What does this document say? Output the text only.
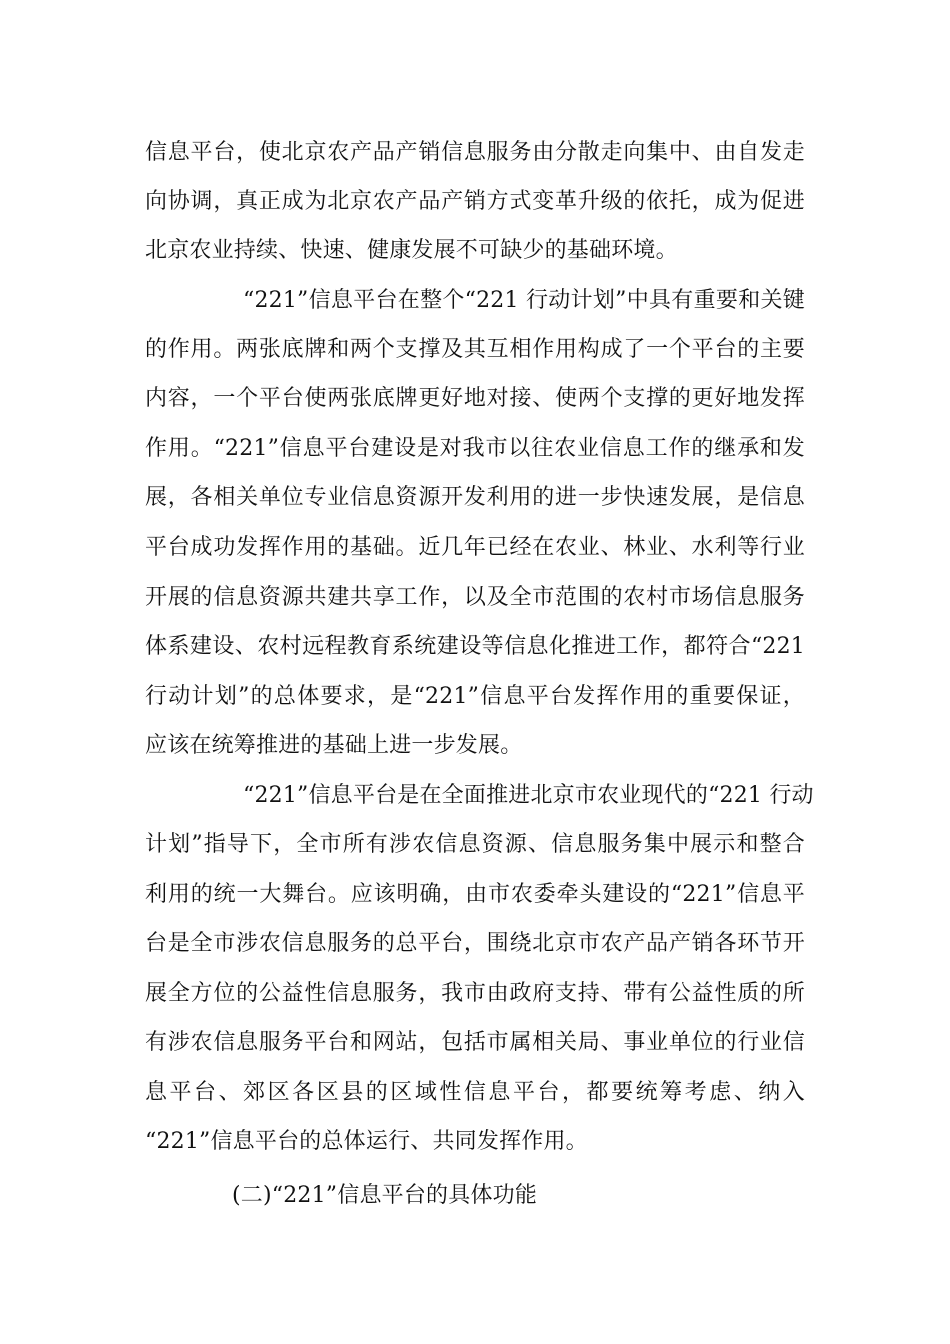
信息平台，使北京农产品产销信息服务由分散走向集中、由自发走
向协调，真正成为北京农产品产销方式变革升级的依托，成为促进
北京农业持续、快速、健康发展不可缺少的基础环境。
“221”信息平台在整个“221 行动计划”中具有重要和关键
的作用。两张底牌和两个支撑及其互相作用构成了一个平台的主要
内容，一个平台使两张底牌更好地对接、使两个支撑的更好地发挥
作用。“221”信息平台建设是对我市以往农业信息工作的继承和发
展，各相关单位专业信息资源开发利用的进一步快速发展，是信息
平台成功发挥作用的基础。近几年已经在农业、林业、水利等行业
开展的信息资源共建共享工作，以及全市范围的农村市场信息服务
体系建设、农村远程教育系统建设等信息化推进工作，都符合“221
行动计划”的总体要求，是“221”信息平台发挥作用的重要保证，
应该在统筹推进的基础上进一步发展。
“221”信息平台是在全面推进北京市农业现代的“221 行动
计划”指导下，全市所有涉农信息资源、信息服务集中展示和整合
利用的统一大舞台。应该明确，由市农委牵头建设的“221”信息平
台是全市涉农信息服务的总平台，围绕北京市农产品产销各环节开
展全方位的公益性信息服务，我市由政府支持、带有公益性质的所
有涉农信息服务平台和网站，包括市属相关局、事业单位的行业信
息平台、郊区各区县的区域性信息平台，都要统筹考虑、纳入
“221”信息平台的总体运行、共同发挥作用。
(二)“221”信息平台的具体功能
